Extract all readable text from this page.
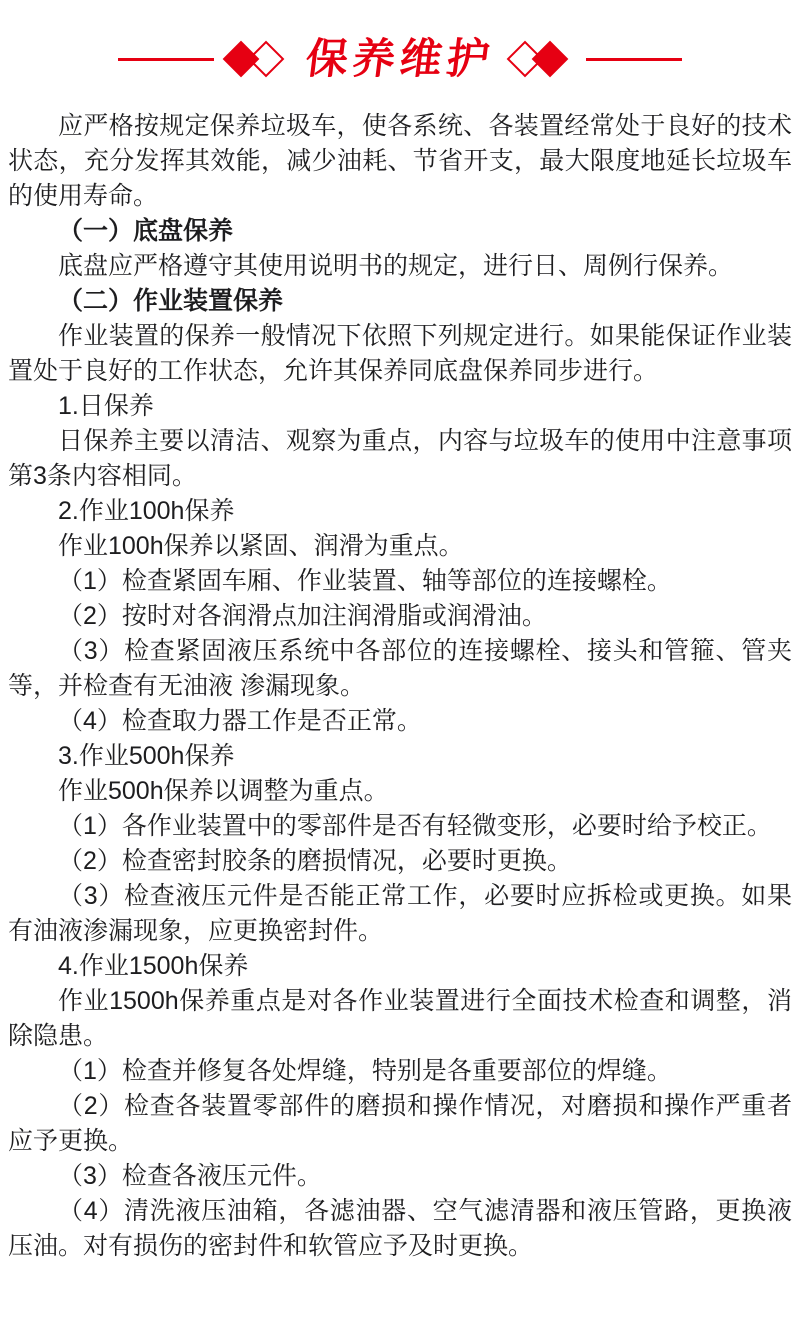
保养维护

应严格按规定保养垃圾车，使各系统、各装置经常处于良好的技术状态，充分发挥其效能，减少油耗、节省开支，最大限度地延长垃圾车的使用寿命。

（一）底盘保养

底盘应严格遵守其使用说明书的规定，进行日、周例行保养。

（二）作业装置保养

作业装置的保养一般情况下依照下列规定进行。如果能保证作业装置处于良好的工作状态，允许其保养同底盘保养同步进行。

1.日保养

日保养主要以清洁、观察为重点，内容与垃圾车的使用中注意事项第3条内容相同。

2.作业100h保养

作业100h保养以紧固、润滑为重点。

（1）检查紧固车厢、作业装置、轴等部位的连接螺栓。

（2）按时对各润滑点加注润滑脂或润滑油。

（3）检查紧固液压系统中各部位的连接螺栓、接头和管箍、管夹等，并检查有无油液 渗漏现象。

（4）检查取力器工作是否正常。

3.作业500h保养

作业500h保养以调整为重点。

（1）各作业装置中的零部件是否有轻微变形，必要时给予校正。

（2）检查密封胶条的磨损情况，必要时更换。

（3）检查液压元件是否能正常工作，必要时应拆检或更换。如果有油液渗漏现象，应更换密封件。

4.作业1500h保养

作业1500h保养重点是对各作业装置进行全面技术检查和调整，消除隐患。

（1）检查并修复各处焊缝，特别是各重要部位的焊缝。

（2）检查各装置零部件的磨损和操作情况，对磨损和操作严重者应予更换。

（3）检查各液压元件。

（4）清洗液压油箱，各滤油器、空气滤清器和液压管路，更换液压油。对有损伤的密封件和软管应予及时更换。
